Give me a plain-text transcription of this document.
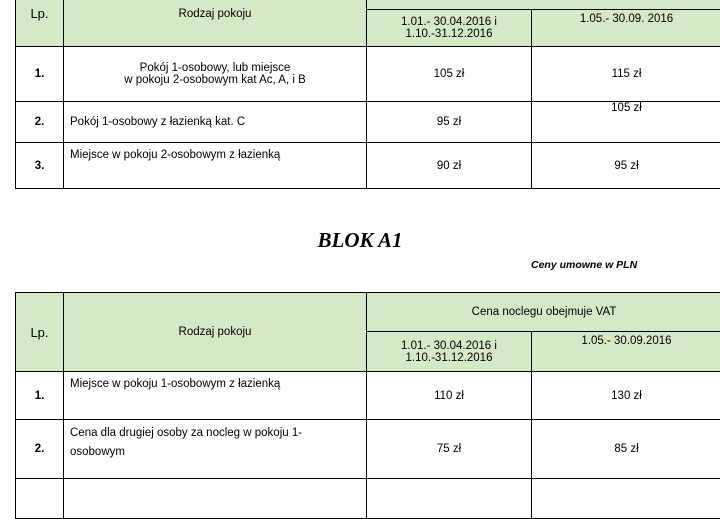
Lp.	Rodzaj pokoju		
		1.01.- 30.04.2016 i
1.10.-31.12.2016	1.05.- 30.09. 2016
1.	Pokój 1-osobowy, lub miejsce
w pokoju 2-osobowym kat Ac, A, i B	105 zł	115 zł
2.	Pokój 1-osobowy z łazienką kat. C	95 zł	105 zł
3.	Miejsce w pokoju 2-osobowym z łazienką	90 zł	95 zł
BLOK A1
Ceny umowne w PLN
Lp.	Rodzaj pokoju	Cena noclegu obejmuje VAT	
		1.01.- 30.04.2016 i
1.10.-31.12.2016	1.05.- 30.09.2016
1.	Miejsce w pokoju 1-osobowym z łazienką	110 zł	130 zł
2.	Cena dla drugiej osoby za nocleg w pokoju 1-
osobowym	75 zł	85 zł
